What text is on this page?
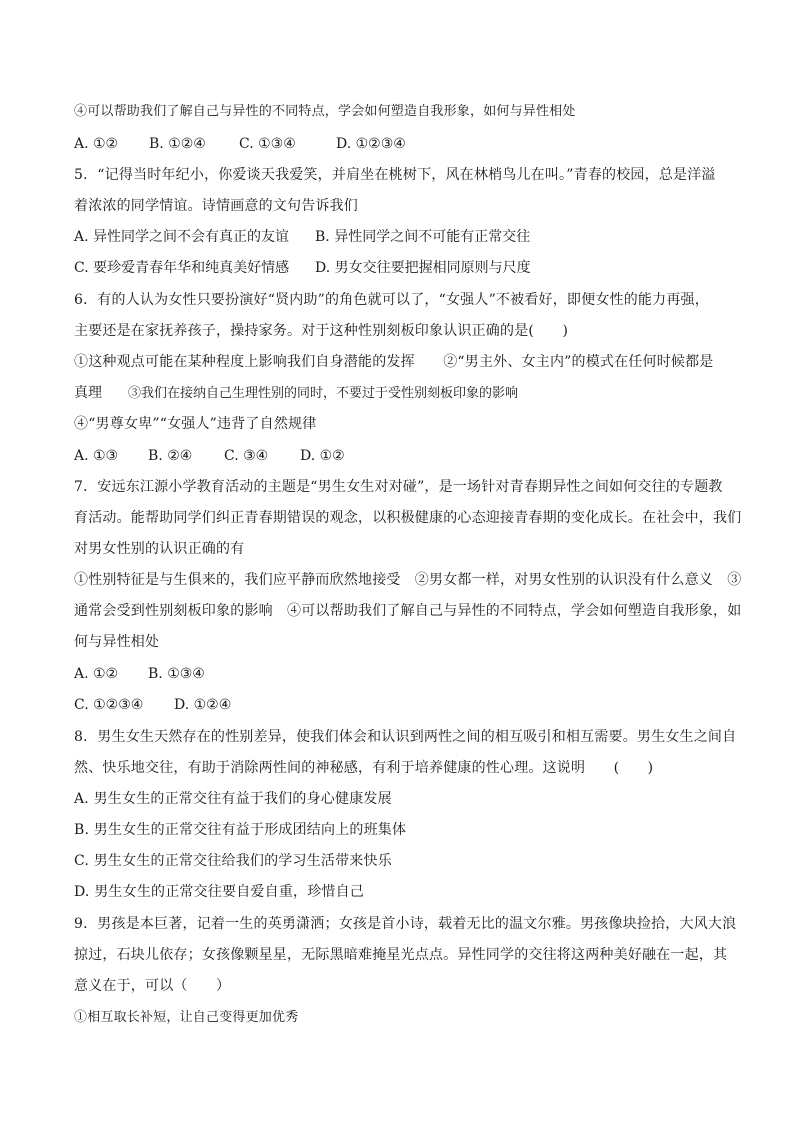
④可以帮助我们了解自己与异性的不同特点，学会如何塑造自我形象，如何与异性相处
A. ①② B. ①②④ C. ①③④	D. ①②③④
5．“记得当时年纪小，你爱谈天我爱笑，并肩坐在桃树下，风在林梢鸟儿在叫。”青春的校园，总是洋溢
着浓浓的同学情谊。诗情画意的文句告诉我们
A. 异性同学之间不会有真正的友谊 B. 异性同学之间不可能有正常交往
C. 要珍爱青春年华和纯真美好情感 D. 男女交往要把握相同原则与尺度
6．有的人认为女性只要扮演好“贤内助”的角色就可以了，“女强人”不被看好，即便女性的能力再强，
主要还是在家抚养孩子，操持家务。对于这种性别刻板印象认识正确的是(　　)
①这种观点可能在某种程度上影响我们自身潜能的发挥　　②“男主外、女主内”的模式在任何时候都是
真理 ③我们在接纳自己生理性别的同时，不要过于受性别刻板印象的影响
④“男尊女卑”“女强人”违背了自然规律
A. ①③ B. ②④ C. ③④ D. ①②
7．安远东江源小学教育活动的主题是“男生女生对对碰”，是一场针对青春期异性之间如何交往的专题教
育活动。能帮助同学们纠正青春期错误的观念，以积极健康的心态迎接青春期的变化成长。在社会中，我们
对男女性别的认识正确的有
①性别特征是与生俱来的，我们应平静而欣然地接受　②男女都一样，对男女性别的认识没有什么意义　③
通常会受到性别刻板印象的影响　④可以帮助我们了解自己与异性的不同特点，学会如何塑造自我形象，如
何与异性相处
A. ①② B. ①③④
C. ①②③④ D. ①②④
8．男生女生天然存在的性别差异，使我们体会和认识到两性之间的相互吸引和相互需要。男生女生之间自
然、快乐地交往，有助于消除两性间的神秘感，有利于培养健康的性心理。这说明　　(　　)
A. 男生女生的正常交往有益于我们的身心健康发展
B. 男生女生的正常交往有益于形成团结向上的班集体
C. 男生女生的正常交往给我们的学习生活带来快乐
D. 男生女生的正常交往要自爱自重，珍惜自己
9．男孩是本巨著，记着一生的英勇潇洒；女孩是首小诗，载着无比的温文尔雅。男孩像块捡拾，大风大浪
掠过，石块儿依存；女孩像颗星星，无际黑暗难掩星光点点。异性同学的交往将这两种美好融在一起，其
意义在于，可以（　　）
①相互取长补短，让自己变得更加优秀
